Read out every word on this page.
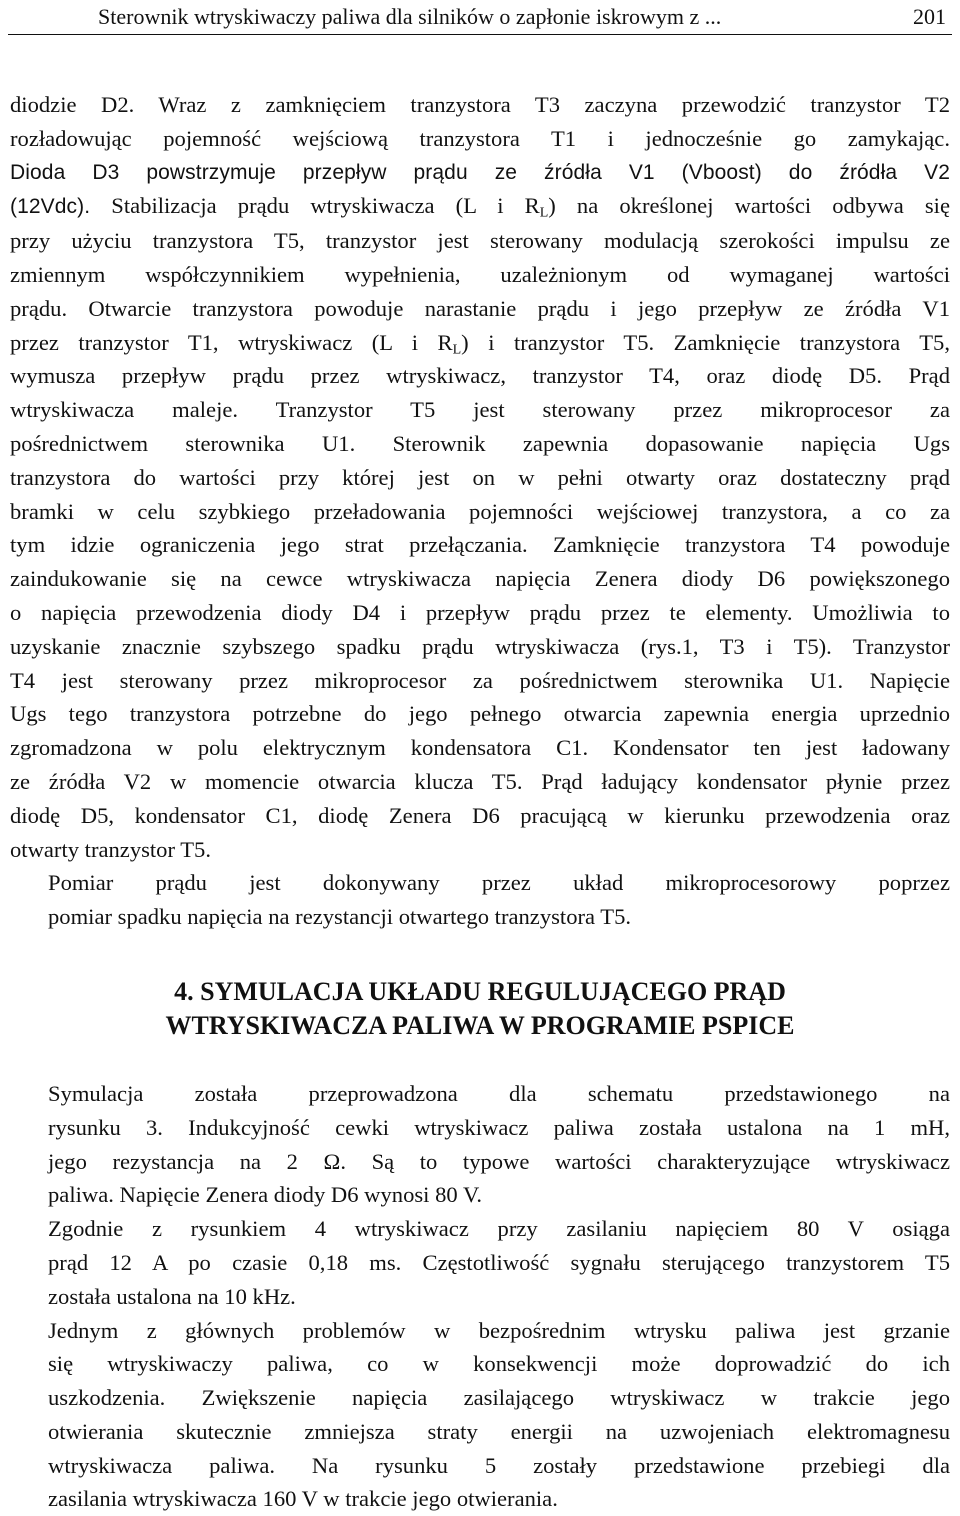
Sterownik wtryskiwaczy paliwa dla silników o zapłonie iskrowym z ...	201

diodzie D2. Wraz z zamknięciem tranzystora T3 zaczyna przewodzić tranzystor T2
rozładowując pojemność wejściową tranzystora T1 i jednocześnie go zamykając.
Dioda D3 powstrzymuje przepływ prądu ze źródła V1 (Vboost) do źródła V2
(12Vdc). Stabilizacja prądu wtryskiwacza (L i $R_L$) na określonej wartości odbywa się
przy użyciu tranzystora T5, tranzystor jest sterowany modulacją szerokości impulsu ze
zmiennym współczynnikiem wypełnienia, uzależnionym od wymaganej wartości
prądu. Otwarcie tranzystora powoduje narastanie prądu i jego przepływ ze źródła V1
przez tranzystor T1, wtryskiwacz (L i $R_L$) i tranzystor T5. Zamknięcie tranzystora T5,
wymusza przepływ prądu przez wtryskiwacz, tranzystor T4, oraz diodę D5. Prąd
wtryskiwacza maleje. Tranzystor T5 jest sterowany przez mikroprocesor za
pośrednictwem sterownika U1. Sterownik zapewnia dopasowanie napięcia Ugs
tranzystora do wartości przy której jest on w pełni otwarty oraz dostateczny prąd
bramki w celu szybkiego przeładowania pojemności wejściowej tranzystora, a co za
tym idzie ograniczenia jego strat przełączania. Zamknięcie tranzystora T4 powoduje
zaindukowanie się na cewce wtryskiwacza napięcia Zenera diody D6 powiększonego
o napięcia przewodzenia diody D4 i przepływ prądu przez te elementy. Umożliwia to
uzyskanie znacznie szybszego spadku prądu wtryskiwacza (rys.1, T3 i T5). Tranzystor
T4 jest sterowany przez mikroprocesor za pośrednictwem sterownika U1. Napięcie
Ugs tego tranzystora potrzebne do jego pełnego otwarcia zapewnia energia uprzednio
zgromadzona w polu elektrycznym kondensatora C1. Kondensator ten jest ładowany
ze źródła V2 w momencie otwarcia klucza T5. Prąd ładujący kondensator płynie przez
diodę D5, kondensator C1, diodę Zenera D6 pracującą w kierunku przewodzenia oraz
otwarty tranzystor T5.

Pomiar prądu jest dokonywany przez układ mikroprocesorowy poprzez
pomiar spadku napięcia na rezystancji otwartego tranzystora T5.

4. SYMULACJA UKŁADU REGULUJĄCEGO PRĄD
WTRYSKIWACZA PALIWA W PROGRAMIE PSPICE

Symulacja została przeprowadzona dla schematu przedstawionego na
rysunku 3. Indukcyjność cewki wtryskiwacz paliwa została ustalona na 1 mH,
jego rezystancja na 2 Ω. Są to typowe wartości charakteryzujące wtryskiwacz
paliwa. Napięcie Zenera diody D6 wynosi 80 V.

Zgodnie z rysunkiem 4 wtryskiwacz przy zasilaniu napięciem 80 V osiąga
prąd 12 A po czasie 0,18 ms. Częstotliwość sygnału sterującego tranzystorem T5
została ustalona na 10 kHz.

Jednym z głównych problemów w bezpośrednim wtrysku paliwa jest grzanie
się wtryskiwaczy paliwa, co w konsekwencji może doprowadzić do ich
uszkodzenia. Zwiększenie napięcia zasilającego wtryskiwacz w trakcie jego
otwierania skutecznie zmniejsza straty energii na uzwojeniach elektromagnesu
wtryskiwacza paliwa. Na rysunku 5 zostały przedstawione przebiegi dla
zasilania wtryskiwacza 160 V w trakcie jego otwierania.
